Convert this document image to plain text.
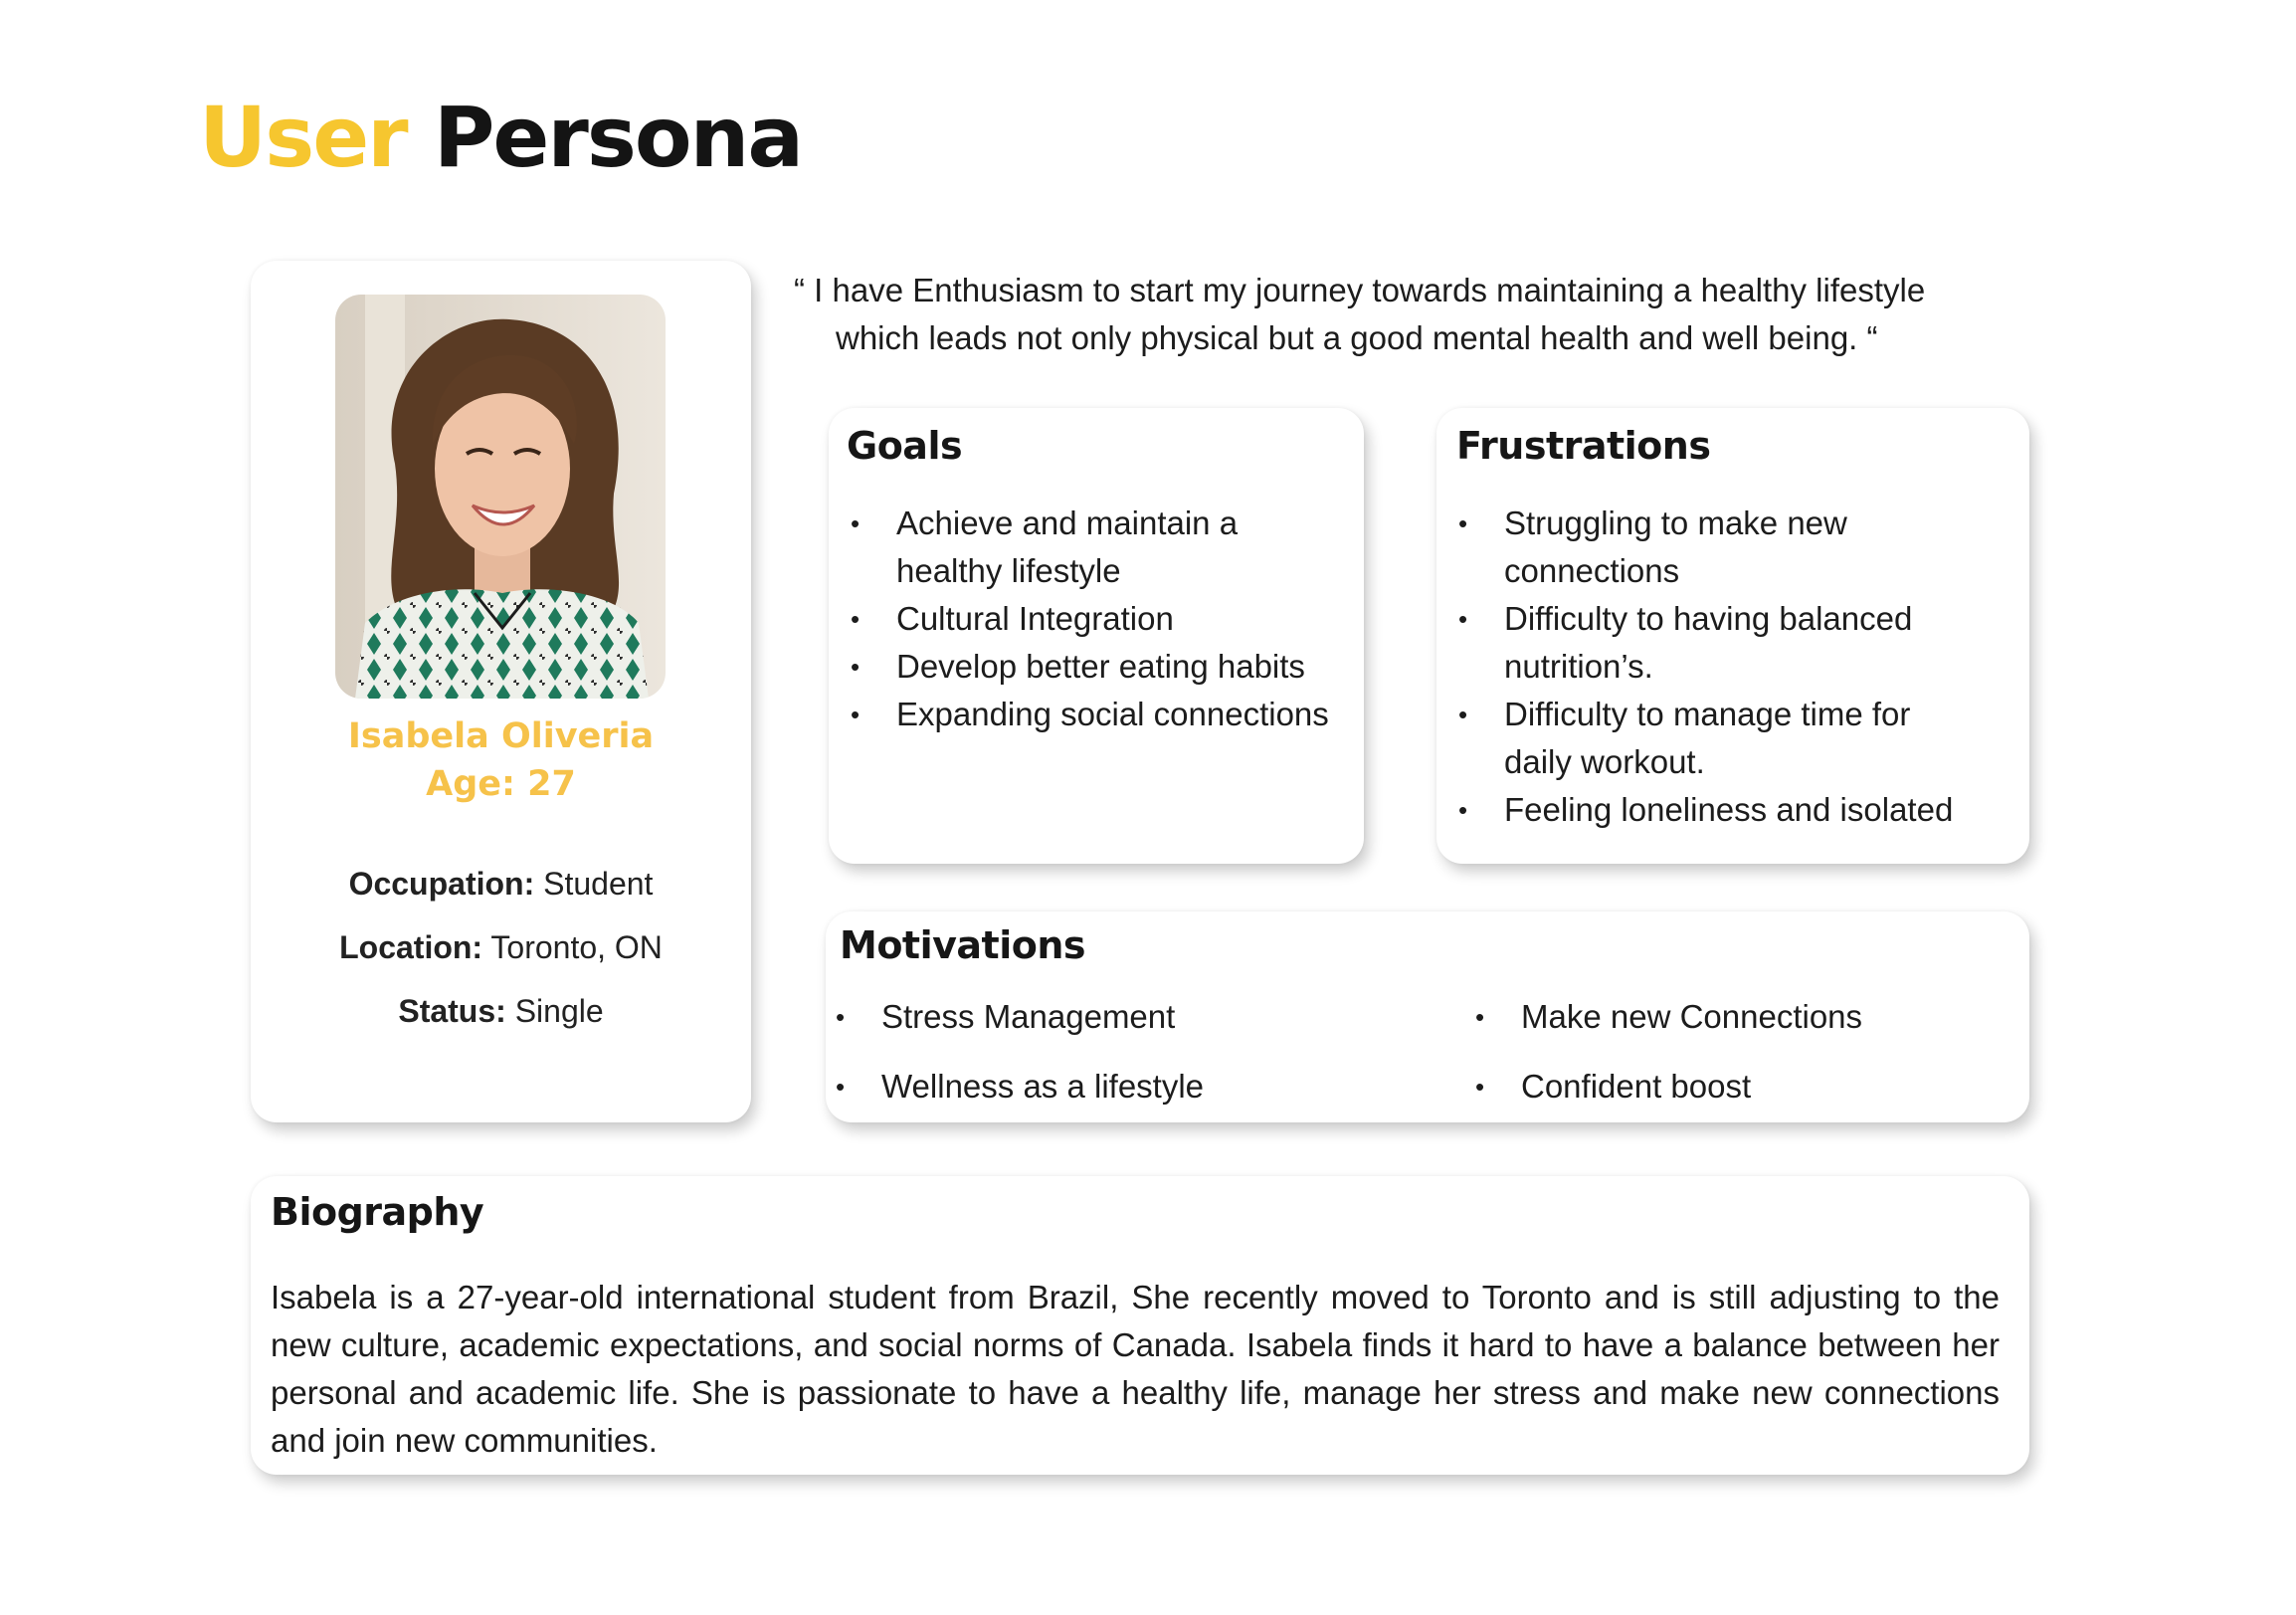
User Persona
Isabela Oliveria
Age: 27
Occupation: Student
Location: Toronto, ON
Status: Single
“ I have Enthusiasm to start my journey towards maintaining a healthy lifestyle
which leads not only physical but a good mental health and well being. “
Goals
• Achieve and maintain a healthy lifestyle
• Cultural Integration
• Develop better eating habits
• Expanding social connections
Frustrations
• Struggling to make new connections
• Difficulty to having balanced nutrition’s.
• Difficulty to manage time for daily workout.
• Feeling loneliness and isolated
Motivations
• Stress Management
• Wellness as a lifestyle
• Make new Connections
• Confident boost
Biography

Isabela is a 27-year-old international student from Brazil, She recently moved to Toronto and is still adjusting to the new culture, academic expectations, and social norms of Canada. Isabela finds it hard to have a balance between her personal and academic life. She is passionate to have a healthy life, manage her stress and make new connections and join new communities.
